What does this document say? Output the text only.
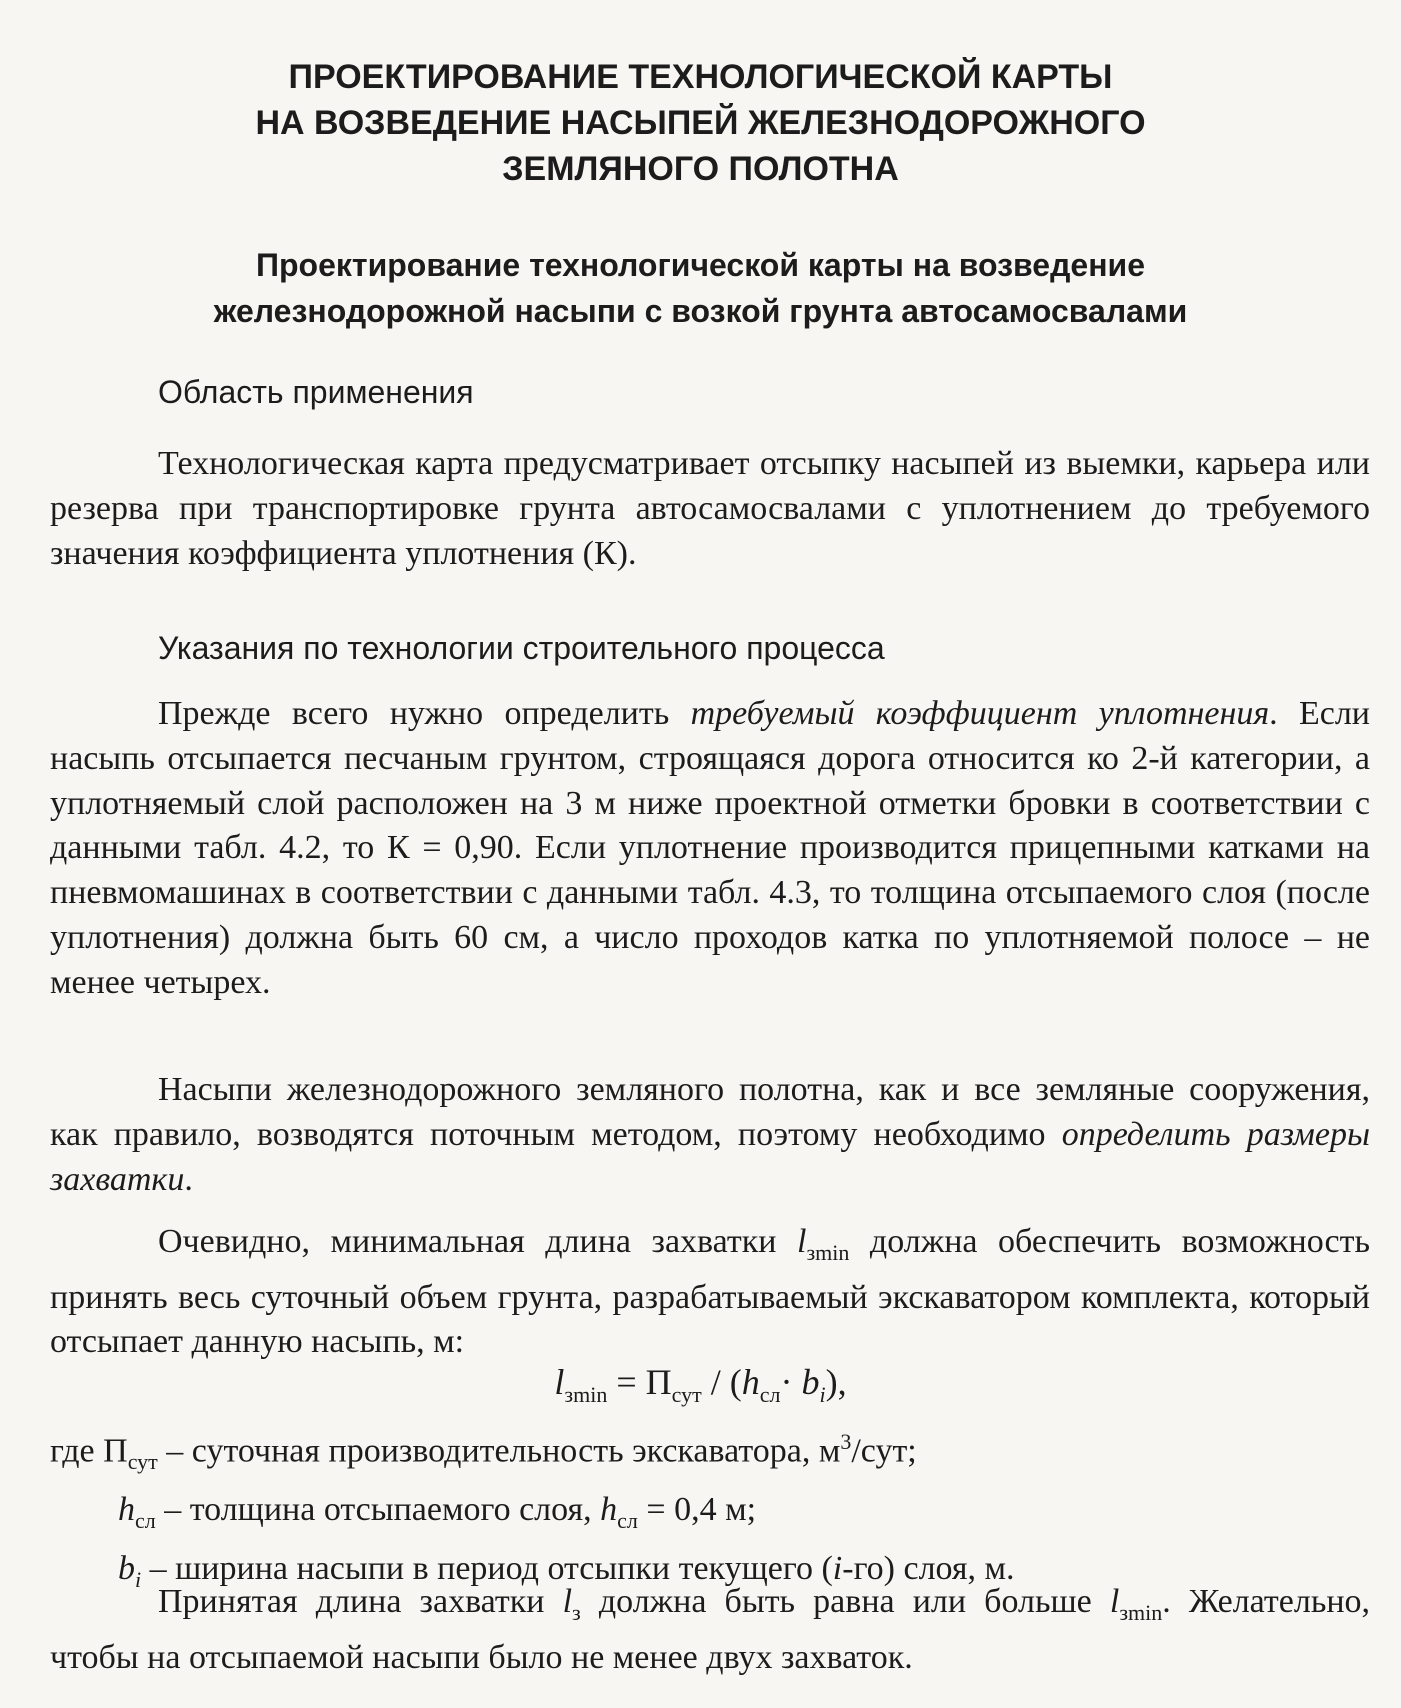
ПРОЕКТИРОВАНИЕ ТЕХНОЛОГИЧЕСКОЙ КАРТЫ
НА ВОЗВЕДЕНИЕ НАСЫПЕЙ ЖЕЛЕЗНОДОРОЖНОГО
ЗЕМЛЯНОГО ПОЛОТНА
Проектирование технологической карты на возведение
железнодорожной насыпи с возкой грунта автосамосвалами
Область применения

Технологическая карта предусматривает отсыпку насыпей из выемки, карьера или резерва при транспортировке грунта автосамосвалами с уплотнением до требуемого значения коэффициента уплотнения (К).

Указания по технологии строительного процесса

Прежде всего нужно определить требуемый коэффициент уплотнения. Если насыпь отсыпается песчаным грунтом, строящаяся дорога относится ко 2-й категории, а уплотняемый слой расположен на 3 м ниже проектной отметки бровки в соответствии с данными табл. 4.2, то К = 0,90. Если уплотнение производится прицепными катками на пневмомашинах в соответствии с данными табл. 4.3, то толщина отсыпаемого слоя (после уплотнения) должна быть 60 см, а число проходов катка по уплотняемой полосе – не менее четырех.

Насыпи железнодорожного земляного полотна, как и все земляные сооружения, как правило, возводятся поточным методом, поэтому необходимо определить размеры захватки.

Очевидно, минимальная длина захватки $l_{зmin}$ должна обеспечить возможность принять весь суточный объем грунта, разрабатываемый экскаватором комплекта, который отсыпает данную насыпь, м:

$l_{зmin} = П_{сут} / (h_{сл}\cdot b_i)$,
где $П_{сут}$ – суточная производительность экскаватора, $м^3$/сут;
$h_{сл}$ – толщина отсыпаемого слоя, $h_{сл} = 0,4$ м;
$b_i$ – ширина насыпи в период отсыпки текущего (i-го) слоя, м.

Принятая длина захватки $l_з$ должна быть равна или больше $l_{зmin}$. Желательно, чтобы на отсыпаемой насыпи было не менее двух захваток.
